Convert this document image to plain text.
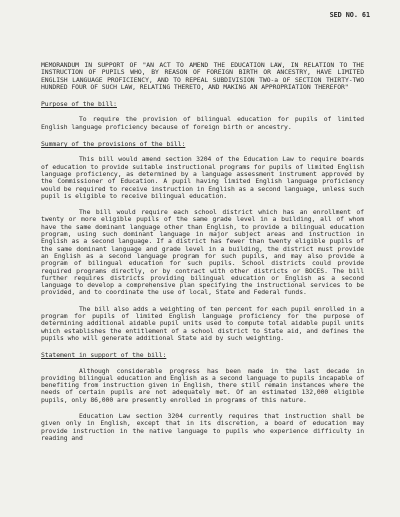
SED NO. 61
MEMORANDUM IN SUPPORT OF "AN ACT TO AMEND THE EDUCATION LAW, IN RELATION TO THE INSTRUCTION OF PUPILS WHO, BY REASON OF FOREIGN BIRTH OR ANCESTRY, HAVE LIMITED ENGLISH LANGUAGE PROFICIENCY, AND TO REPEAL SUBDIVISION TWO-a OF SECTION THIRTY-TWO HUNDRED FOUR OF SUCH LAW, RELATING THERETO, AND MAKING AN APPROPRIATION THEREFOR"
Purpose of the bill:
To require the provision of bilingual education for pupils of limited English language proficiency because of foreign birth or ancestry.
Summary of the provisions of the bill:
This bill would amend section 3204 of the Education Law to require boards of education to provide suitable instructional programs for pupils of limited English language proficiency, as determined by a language assessment instrument approved by the Commissioner of Education. A pupil having limited English language proficiency would be required to receive instruction in English as a second language, unless such pupil is eligible to receive bilingual education.
The bill would require each school district which has an enrollment of twenty or more eligible pupils of the same grade level in a building, all of whom have the same dominant language other than English, to provide a bilingual education program, using such dominant language in major subject areas and instruction in English as a second language. If a district has fewer than twenty eligible pupils of the same dominant language and grade level in a building, the district must provide an English as a second language program for such pupils, and may also provide a program of bilingual education for such pupils. School districts could provide required programs directly, or by contract with other districts or BOCES. The bill further requires districts providing bilingual education or English as a second language to develop a comprehensive plan specifying the instructional services to be provided, and to coordinate the use of local, State and Federal funds.
The bill also adds a weighting of ten percent for each pupil enrolled in a program for pupils of limited English language proficiency for the purpose of determining additional aidable pupil units used to compute total aidable pupil units which establishes the entitlement of a school district to State aid, and defines the pupils who will generate additional State aid by such weighting.
Statement in support of the bill:
Although considerable progress has been made in the last decade in providing bilingual education and English as a second language to pupils incapable of benefiting from instruction given in English, there still remain instances where the needs of certain pupils are not adequately met. Of an estimated 132,000 eligible pupils, only 86,000 are presently enrolled in programs of this nature.
Education Law section 3204 currently requires that instruction shall be given only in English, except that in its discretion, a board of education may provide instruction in the native language to pupils who experience difficulty in reading and
